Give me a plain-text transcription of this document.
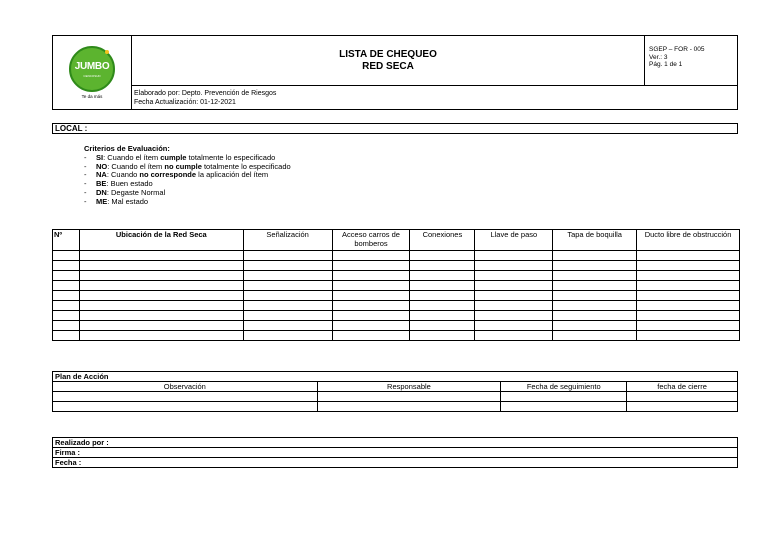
JUMBO
CENCOSUD
Te da más

LISTA DE CHEQUEO
RED SECA

SGEP – FOR - 005
Ver.: 3
Pág. 1 de 1

Elaborado por: Depto. Prevención de Riesgos
Fecha Actualización: 01-12-2021
LOCAL :
Criterios de Evaluación:
- SI: Cuando el ítem cumple totalmente lo especificado
- NO: Cuando el ítem no cumple totalmente lo especificado
- NA: Cuando no corresponde la aplicación del ítem
- BE: Buen estado
- DN: Degaste Normal
- ME: Mal estado
Nº	Ubicación de la Red Seca	Señalización	Acceso carros de bomberos	Conexiones	Llave de paso	Tapa de boquilla	Ducto libre de obstrucción

Plan de Acción			
Observación	Responsable	Fecha de seguimiento	fecha de cierre

Realizado por :
Firma :
Fecha :
